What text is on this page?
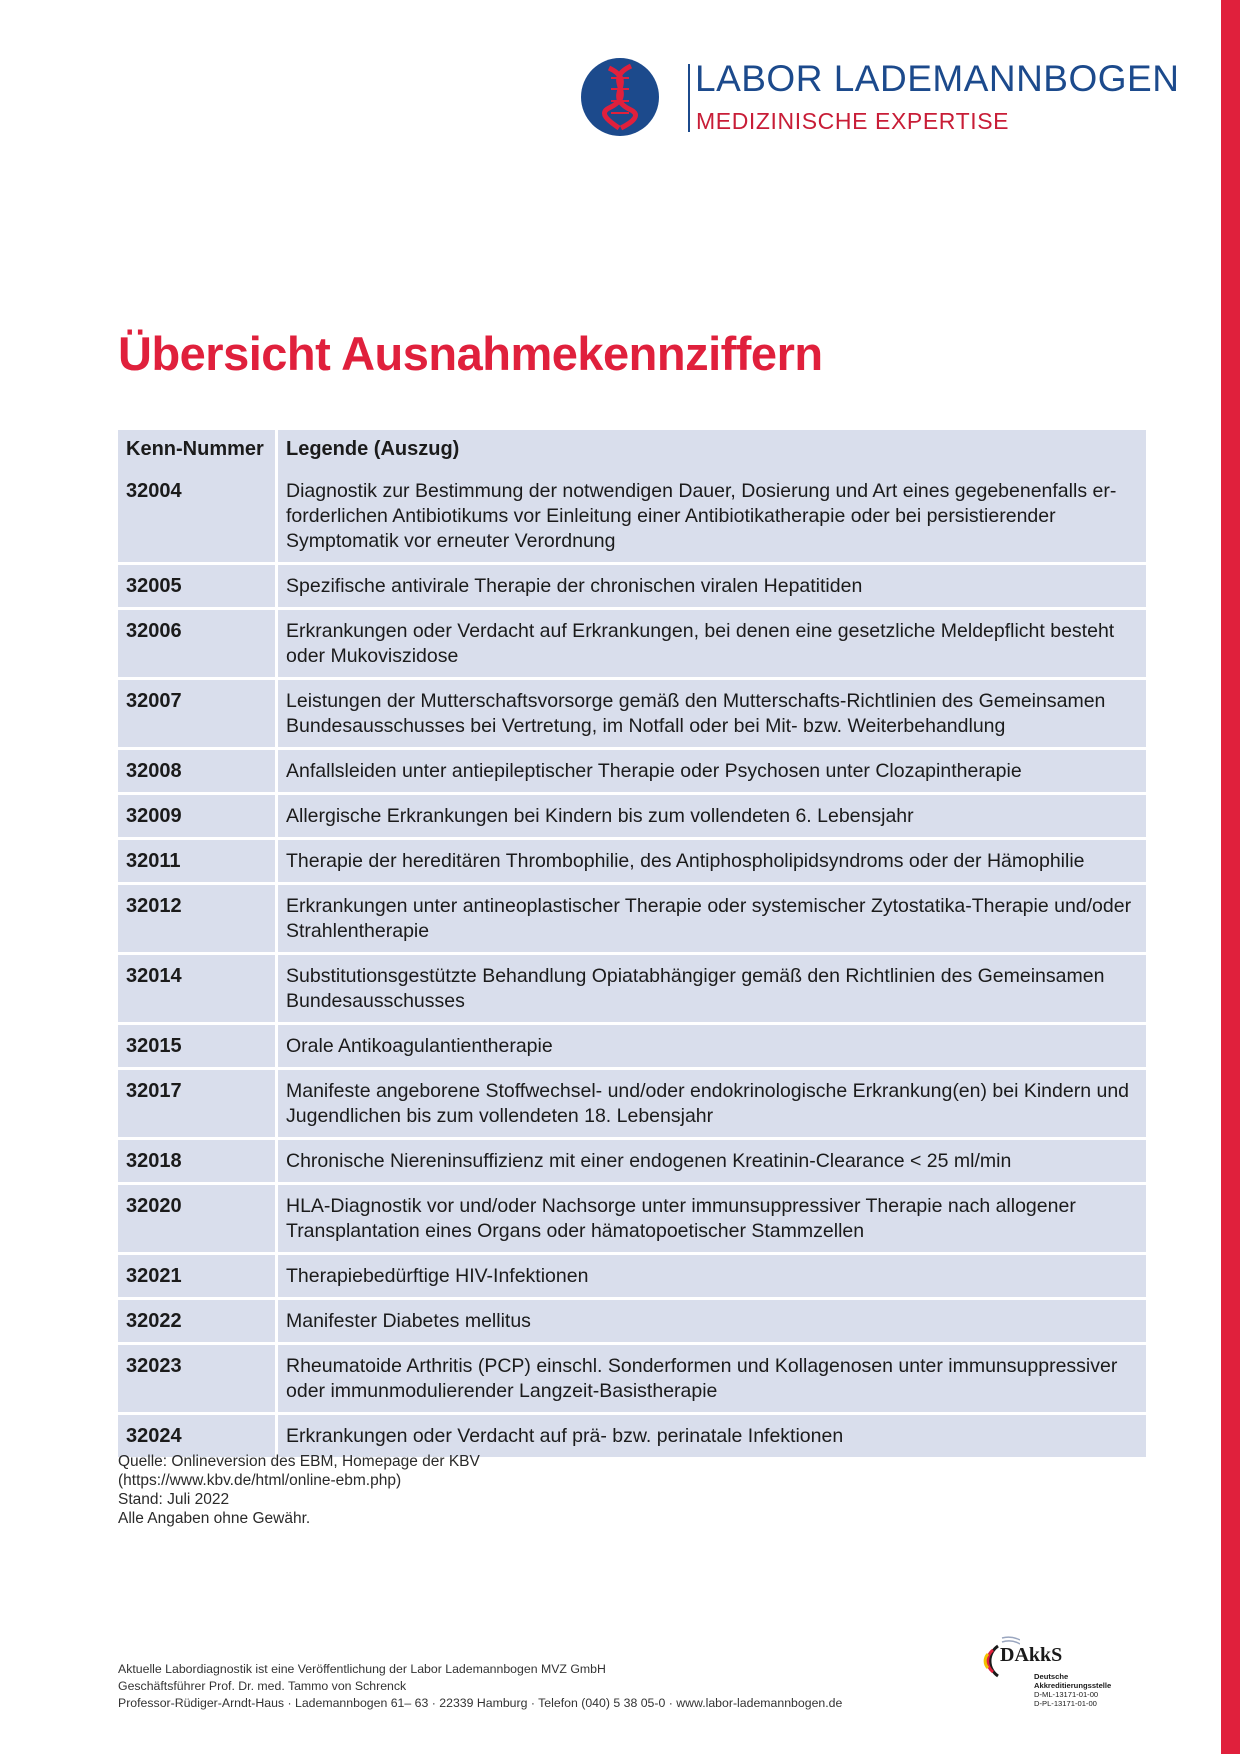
LABOR LADEMANNBOGEN
MEDIZINISCHE EXPERTISE
Übersicht Ausnahmekennziffern
Kenn-Nummer	Legende (Auszug)
32004	Diagnostik zur Bestimmung der notwendigen Dauer, Dosierung und Art eines gegebenenfalls erforderlichen Antibiotikums vor Einleitung einer Antibiotikatherapie oder bei persistierender Symptomatik vor erneuter Verordnung
32005	Spezifische antivirale Therapie der chronischen viralen Hepatitiden
32006	Erkrankungen oder Verdacht auf Erkrankungen, bei denen eine gesetzliche Meldepflicht besteht oder Mukoviszidose
32007	Leistungen der Mutterschaftsvorsorge gemäß den Mutterschafts-Richtlinien des Gemeinsamen Bundesausschusses bei Vertretung, im Notfall oder bei Mit- bzw. Weiterbehandlung
32008	Anfallsleiden unter antiepileptischer Therapie oder Psychosen unter Clozapintherapie
32009	Allergische Erkrankungen bei Kindern bis zum vollendeten 6. Lebensjahr
32011	Therapie der hereditären Thrombophilie, des Antiphospholipidsyndroms oder der Hämophilie
32012	Erkrankungen unter antineoplastischer Therapie oder systemischer Zytostatika-Therapie und/oder Strahlentherapie
32014	Substitutionsgestützte Behandlung Opiatabhängiger gemäß den Richtlinien des Gemeinsamen Bundesausschusses
32015	Orale Antikoagulantientherapie
32017	Manifeste angeborene Stoffwechsel- und/oder endokrinologische Erkrankung(en) bei Kindern und Jugendlichen bis zum vollendeten 18. Lebensjahr
32018	Chronische Niereninsuffizienz mit einer endogenen Kreatinin-Clearance < 25 ml/min
32020	HLA-Diagnostik vor und/oder Nachsorge unter immunsuppressiver Therapie nach allogener Transplantation eines Organs oder hämatopoetischer Stammzellen
32021	Therapiebedürftige HIV-Infektionen
32022	Manifester Diabetes mellitus
32023	Rheumatoide Arthritis (PCP) einschl. Sonderformen und Kollagenosen unter immunsuppressiver oder immunmodulierender Langzeit-Basistherapie
32024	Erkrankungen oder Verdacht auf prä- bzw. perinatale Infektionen
Quelle: Onlineversion des EBM, Homepage der KBV
(https://www.kbv.de/html/online-ebm.php)
Stand: Juli 2022
Alle Angaben ohne Gewähr.
Aktuelle Labordiagnostik ist eine Veröffentlichung der Labor Lademannbogen MVZ GmbH
Geschäftsführer Prof. Dr. med. Tammo von Schrenck
Professor-Rüdiger-Arndt-Haus · Lademannbogen 61– 63 · 22339 Hamburg · Telefon (040) 5 38 05-0 · www.labor-lademannbogen.de
DAkkS
Deutsche
Akkreditierungsstelle
D-ML-13171-01-00
D-PL-13171-01-00
